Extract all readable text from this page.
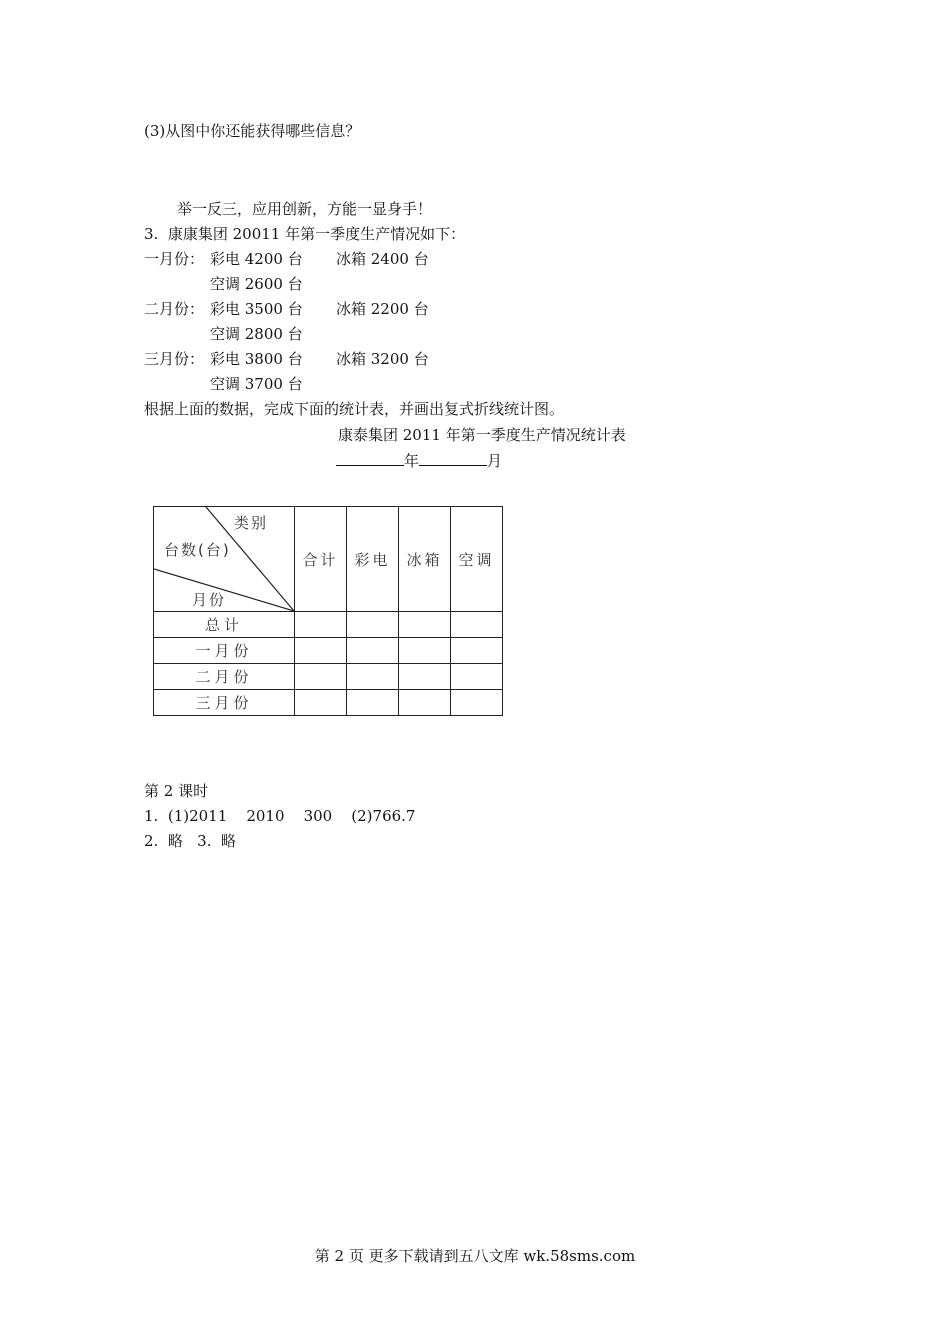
(3)从图中你还能获得哪些信息？
举一反三，应用创新，方能一显身手！
3.  康康集团 20011 年第一季度生产情况如下：
一月份： 彩电 4200 台 冰箱 2400 台
空调 2600 台
二月份： 彩电 3500 台 冰箱 2200 台
空调 2800 台
三月份： 彩电 3800 台 冰箱 3200 台
空调 3700 台
根据上面的数据，完成下面的统计表，并画出复式折线统计图。
康泰集团 2011 年第一季度生产情况统计表
年	月
类别
台数(台)
月份	合计	彩电	冰箱	空调
总计				
一月份				
二月份				
三月份				
第 2 课时
1.  (1)2011    2010    300    (2)766.7
2.  略   3.  略
第 2 页 更多下载请到五八文库 wk.58sms.com
